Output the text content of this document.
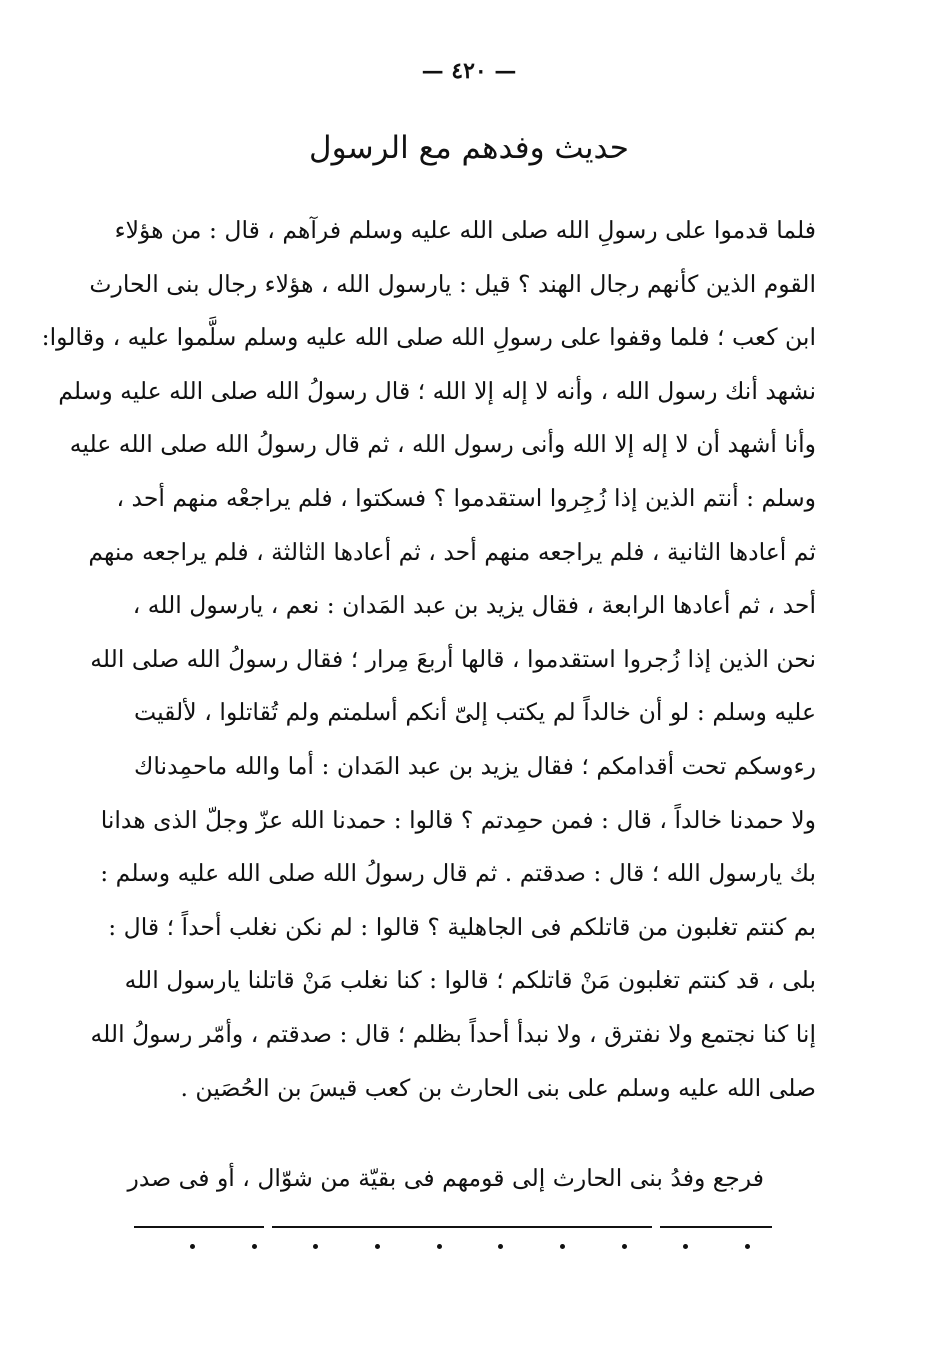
— ٤٢٠ —
حديث وفدهم مع الرسول
فلما قدموا على رسولِ الله صلى الله عليه وسلم فرآهم ، قال : من هؤلاء
القوم الذين كأنهم رجال الهند ؟ قيل : يارسول الله ، هؤلاء رجال بنى الحارث
ابن كعب ؛ فلما وقفوا على رسولِ الله صلى الله عليه وسلم سلَّموا عليه ، وقالوا:
نشهد أنك رسول الله ، وأنه لا إله إلا الله ؛ قال رسولُ الله صلى الله عليه وسلم
وأنا أشهد أن لا إله إلا الله وأنى رسول الله ، ثم قال رسولُ الله صلى الله عليه
وسلم : أنتم الذين إذا زُجِروا استقدموا ؟ فسكتوا ، فلم يراجعْه منهم أحد ،
ثم أعادها الثانية ، فلم يراجعه منهم أحد ، ثم أعادها الثالثة ، فلم يراجعه منهم
أحد ، ثم أعادها الرابعة ، فقال يزيد بن عبد المَدان : نعم ، يارسول الله ،
نحن الذين إذا زُجروا استقدموا ، قالها أربعَ مِرار ؛ فقال رسولُ الله صلى الله
عليه وسلم : لو أن خالداً لم يكتب إلىّ أنكم أسلمتم ولم تُقاتلوا ، لألقيت
رءوسكم تحت أقدامكم ؛ فقال يزيد بن عبد المَدان : أما والله ماحمِدناك
ولا حمدنا خالداً ، قال : فمن حمِدتم ؟ قالوا : حمدنا الله عزّ وجلّ الذى هدانا
بك يارسول الله ؛ قال : صدقتم . ثم قال رسولُ الله صلى الله عليه وسلم :
بم كنتم تغلبون من قاتلكم فى الجاهلية ؟ قالوا : لم نكن نغلب أحداً ؛ قال :
بلى ، قد كنتم تغلبون مَنْ قاتلكم ؛ قالوا : كنا نغلب مَنْ قاتلنا يارسول الله
إنا كنا نجتمع ولا نفترق ، ولا نبدأ أحداً بظلم ؛ قال : صدقتم ، وأمّر رسولُ الله
صلى الله عليه وسلم على بنى الحارث بن كعب قيسَ بن الحُصَين .
فرجع وفدُ بنى الحارث إلى قومهم فى بقيّة من شوّال ، أو فى صدر
